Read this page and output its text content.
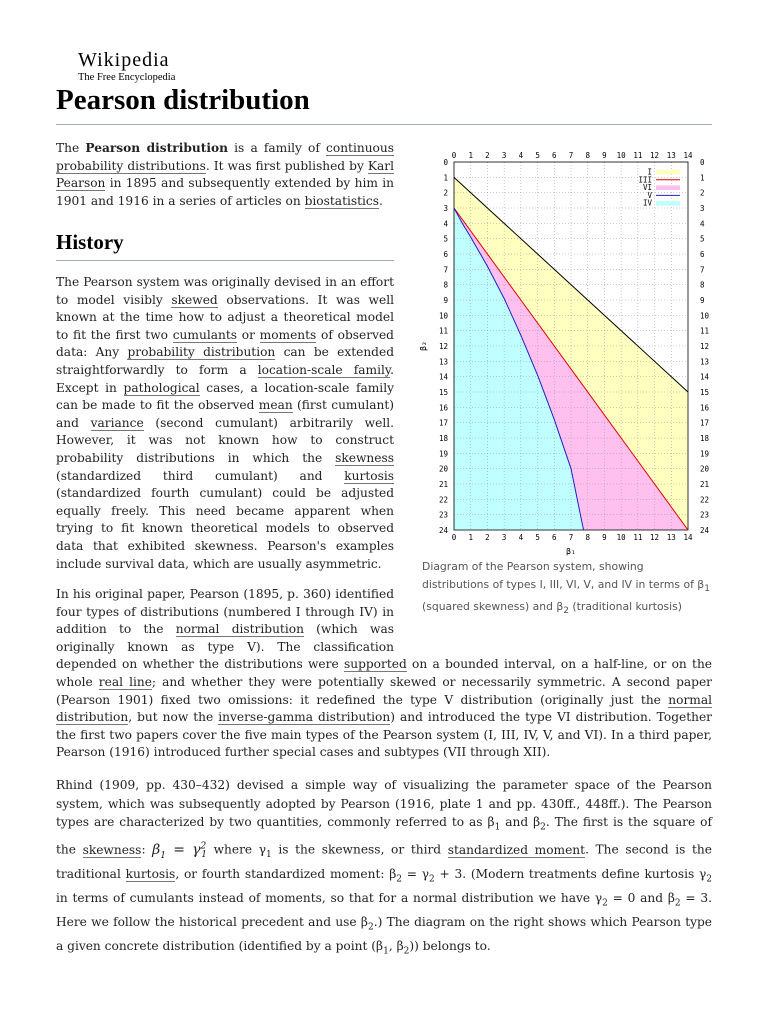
Wikipedia
The Free Encyclopedia
Pearson distribution

The Pearson distribution is a family of continuous probability distributions. It was first published by Karl Pearson in 1895 and subsequently extended by him in 1901 and 1916 in a series of articles on biostatistics.

History

The Pearson system was originally devised in an effort to model visibly skewed observations. It was well known at the time how to adjust a theoretical model to fit the first two cumulants or moments of observed data: Any probability distribution can be extended straightforwardly to form a location-scale family. Except in pathological cases, a location-scale family can be made to fit the observed mean (first cumulant) and variance (second cumulant) arbitrarily well. However, it was not known how to construct probability distributions in which the skewness (standardized third cumulant) and kurtosis (standardized fourth cumulant) could be adjusted equally freely. This need became apparent when trying to fit known theoretical models to observed data that exhibited skewness. Pearson's examples include survival data, which are usually asymmetric.

In his original paper, Pearson (1895, p. 360) identified four types of distributions (numbered I through IV) in addition to the normal distribution (which was originally known as type V). The classification depended on whether the distributions were supported on a bounded interval, on a half-line, or on the whole real line; and whether they were potentially skewed or necessarily symmetric. A second paper (Pearson 1901) fixed two omissions: it redefined the type V distribution (originally just the normal distribution, but now the inverse-gamma distribution) and introduced the type VI distribution. Together the first two papers cover the five main types of the Pearson system (I, III, IV, V, and VI). In a third paper, Pearson (1916) introduced further special cases and subtypes (VII through XII).

Rhind (1909, pp. 430–432) devised a simple way of visualizing the parameter space of the Pearson system, which was subsequently adopted by Pearson (1916, plate 1 and pp. 430ff., 448ff.). The Pearson types are characterized by two quantities, commonly referred to as $\beta_1$ and $\beta_2$. The first is the square of the skewness: $\beta_1 = \gamma^2_1$ where $\gamma_1$ is the skewness, or third standardized moment. The second is the traditional kurtosis, or fourth standardized moment: $\beta_2 = \gamma_2 + 3$. (Modern treatments define kurtosis $\gamma_2$ in terms of cumulants instead of moments, so that for a normal distribution we have $\gamma_2 = 0$ and $\beta_2 = 3$. Here we follow the historical precedent and use $\beta_2$.) The diagram on the right shows which Pearson type a given concrete distribution (identified by a point ($\beta_1$, $\beta_2$)) belongs to.

0
0
1
1
2
2
3
3
4
4
5
5
6
6
7
7
8
8
9
9
10
10
11
11
12
12
13
13
14
14
0	0
1	1
2	2
3	3
4	4
5	5
6	6
7	7
8	8
9	9
10	10
11	11
12	12
13	13
14	14
15	15
16	16
17	17
18	18
19	19
20	20
21	21
22	22
23	23
24	24
β₁
β₂
I
III
VI
V
IV
Diagram of the Pearson system, showing distributions of types I, III, VI, V, and IV in terms of $\beta_1$ (squared skewness) and $\beta_2$ (traditional kurtosis)
